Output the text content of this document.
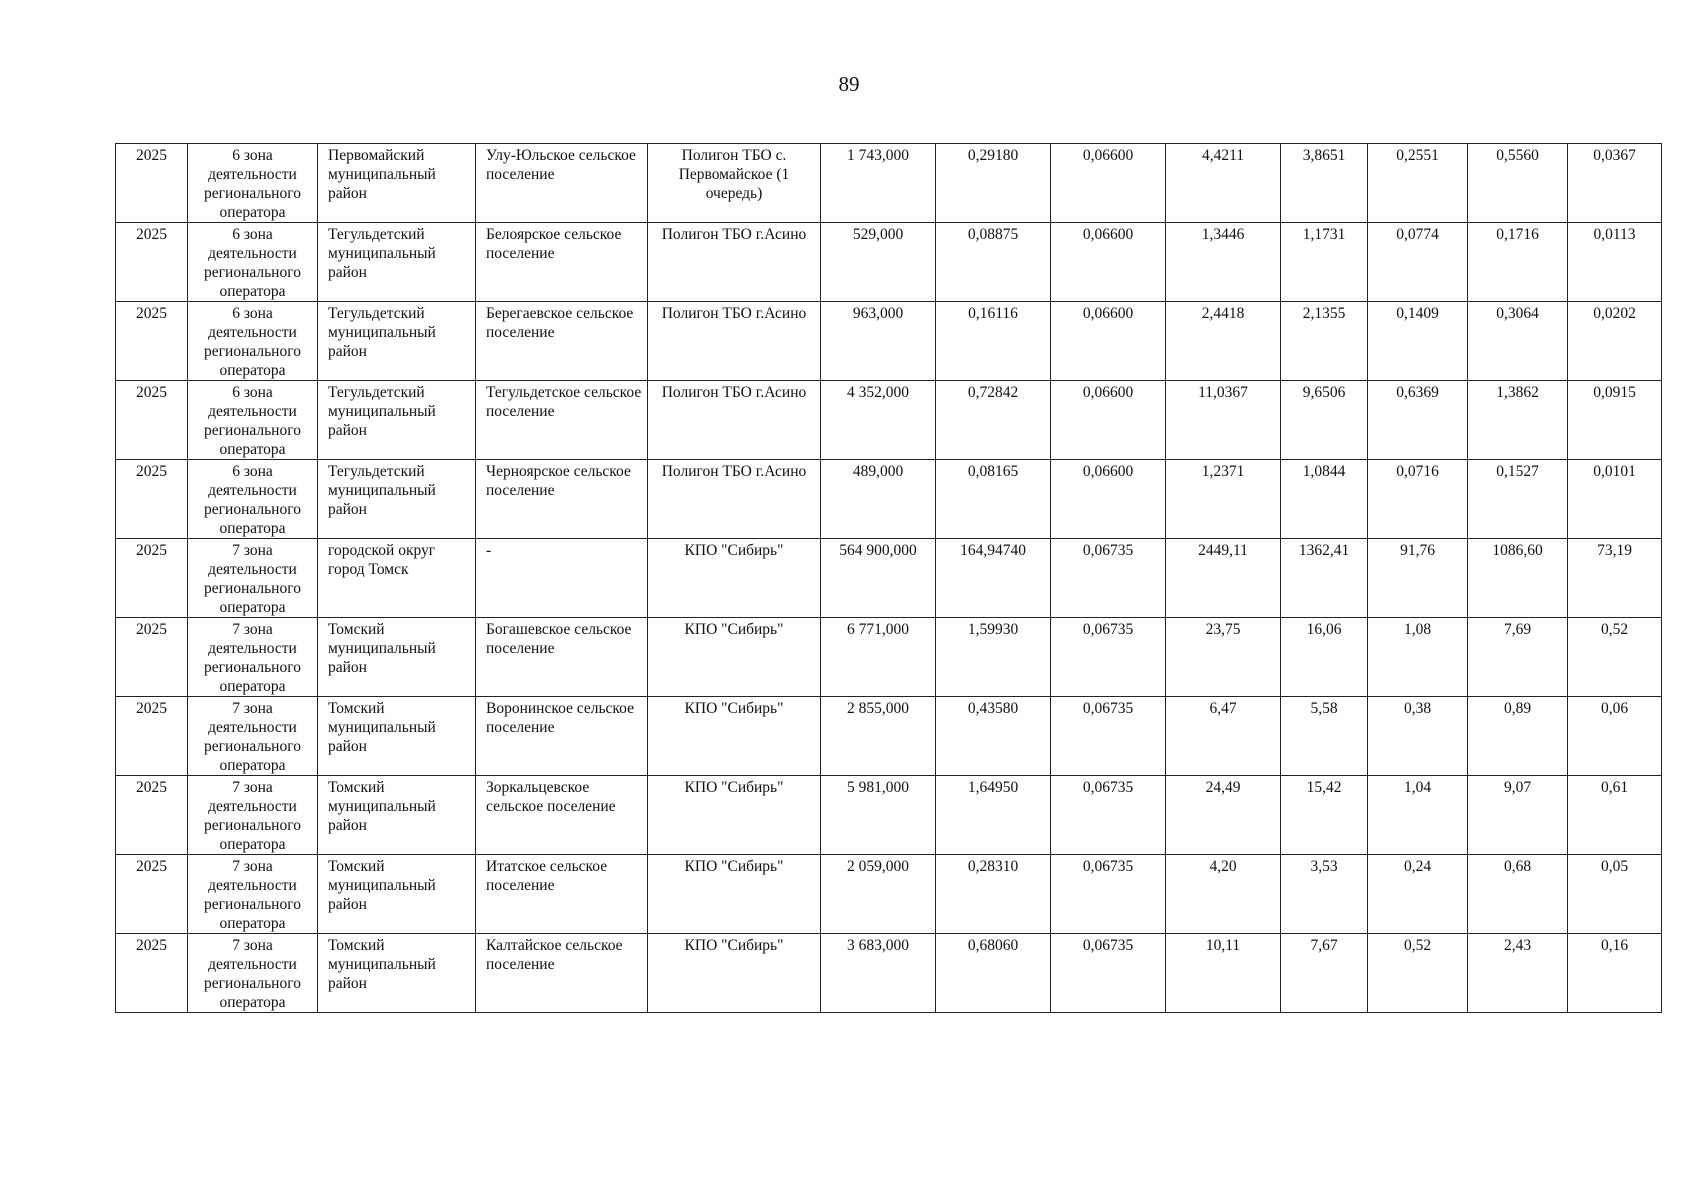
89
2025	6 зона деятельности регионального оператора	Первомайский муниципальный район	Улу-Юльское сельское поселение	Полигон ТБО с. Первомайское (1 очередь)	1 743,000	0,29180	0,06600	4,4211	3,8651	0,2551	0,5560	0,0367
2025	6 зона деятельности регионального оператора	Тегульдетский муниципальный район	Белоярское сельское поселение	Полигон ТБО г.Асино	529,000	0,08875	0,06600	1,3446	1,1731	0,0774	0,1716	0,0113
2025	6 зона деятельности регионального оператора	Тегульдетский муниципальный район	Берегаевское сельское поселение	Полигон ТБО г.Асино	963,000	0,16116	0,06600	2,4418	2,1355	0,1409	0,3064	0,0202
2025	6 зона деятельности регионального оператора	Тегульдетский муниципальный район	Тегульдетское сельское поселение	Полигон ТБО г.Асино	4 352,000	0,72842	0,06600	11,0367	9,6506	0,6369	1,3862	0,0915
2025	6 зона деятельности регионального оператора	Тегульдетский муниципальный район	Черноярское сельское поселение	Полигон ТБО г.Асино	489,000	0,08165	0,06600	1,2371	1,0844	0,0716	0,1527	0,0101
2025	7 зона деятельности регионального оператора	городской округ город Томск	-	КПО "Сибирь"	564 900,000	164,94740	0,06735	2449,11	1362,41	91,76	1086,60	73,19
2025	7 зона деятельности регионального оператора	Томский муниципальный район	Богашевское сельское поселение	КПО "Сибирь"	6 771,000	1,59930	0,06735	23,75	16,06	1,08	7,69	0,52
2025	7 зона деятельности регионального оператора	Томский муниципальный район	Воронинское сельское поселение	КПО "Сибирь"	2 855,000	0,43580	0,06735	6,47	5,58	0,38	0,89	0,06
2025	7 зона деятельности регионального оператора	Томский муниципальный район	Зоркальцевское сельское поселение	КПО "Сибирь"	5 981,000	1,64950	0,06735	24,49	15,42	1,04	9,07	0,61
2025	7 зона деятельности регионального оператора	Томский муниципальный район	Итатское сельское поселение	КПО "Сибирь"	2 059,000	0,28310	0,06735	4,20	3,53	0,24	0,68	0,05
2025	7 зона деятельности регионального оператора	Томский муниципальный район	Калтайское сельское поселение	КПО "Сибирь"	3 683,000	0,68060	0,06735	10,11	7,67	0,52	2,43	0,16
